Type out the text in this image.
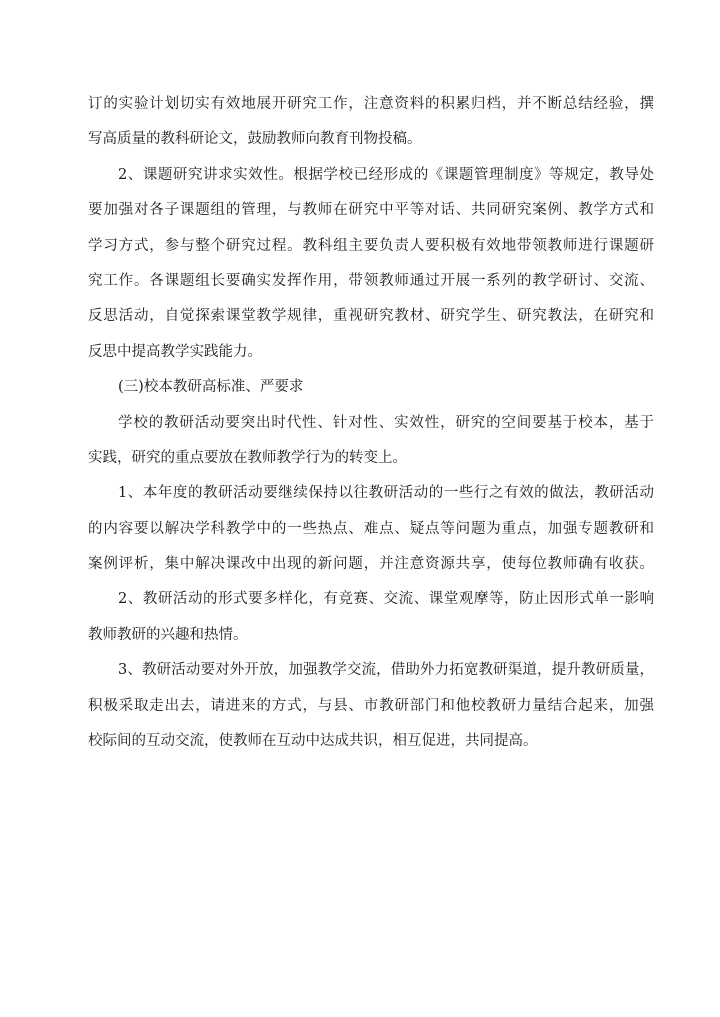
订的实验计划切实有效地展开研究工作，注意资料的积累归档，并不断总结经验，撰
写高质量的教科研论文，鼓励教师向教育刊物投稿。
2、课题研究讲求实效性。根据学校已经形成的《课题管理制度》等规定，教导处
要加强对各子课题组的管理，与教师在研究中平等对话、共同研究案例、教学方式和
学习方式，参与整个研究过程。教科组主要负责人要积极有效地带领教师进行课题研
究工作。各课题组长要确实发挥作用，带领教师通过开展一系列的教学研讨、交流、
反思活动，自觉探索课堂教学规律，重视研究教材、研究学生、研究教法，在研究和
反思中提高教学实践能力。
(三)校本教研高标准、严要求
学校的教研活动要突出时代性、针对性、实效性，研究的空间要基于校本，基于
实践，研究的重点要放在教师教学行为的转变上。
1、本年度的教研活动要继续保持以往教研活动的一些行之有效的做法，教研活动
的内容要以解决学科教学中的一些热点、难点、疑点等问题为重点，加强专题教研和
案例评析，集中解决课改中出现的新问题，并注意资源共享，使每位教师确有收获。
2、教研活动的形式要多样化，有竞赛、交流、课堂观摩等，防止因形式单一影响
教师教研的兴趣和热情。
3、教研活动要对外开放，加强教学交流，借助外力拓宽教研渠道，提升教研质量，
积极采取走出去，请进来的方式，与县、市教研部门和他校教研力量结合起来，加强
校际间的互动交流，使教师在互动中达成共识，相互促进，共同提高。
